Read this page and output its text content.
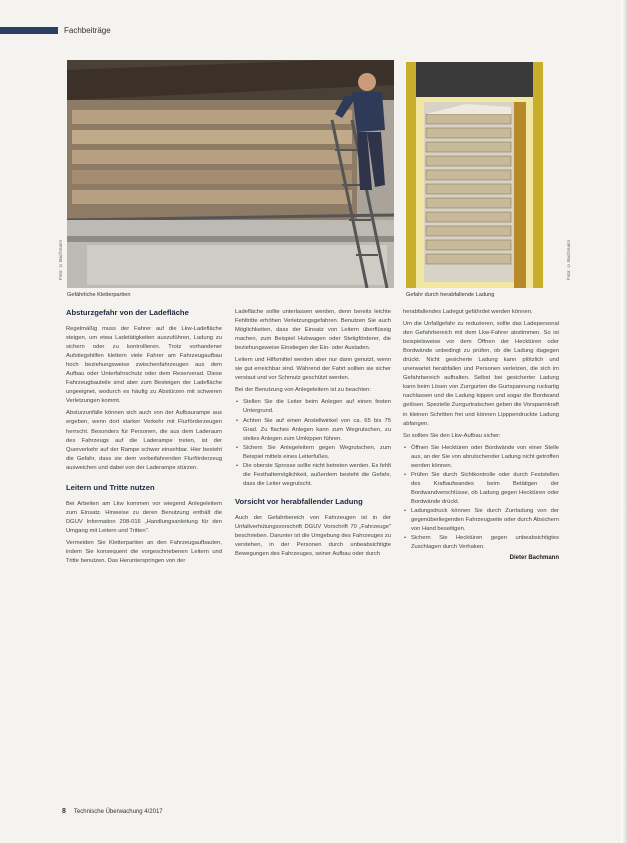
Fachbeiträge
Foto: © Bachmann
Gefährliche Kletterpartien
Foto: © Bachmann
Gefahr durch herabfallende Ladung
Absturzgefahr von der Ladefläche

Regelmäßig muss der Fahrer auf die Lkw-Ladefläche steigen, um etwa Ladetätigkeiten auszuführen, Ladung zu sichern oder zu kontrollieren. Trotz vorhandener Aufstiegshilfen klettern viele Fahrer am Fahrzeugaufbau hoch beziehungsweise zwischenfahrzeugen aus dem Aufbau oder Unterfahrschutz oder dem Reserverad. Diese Fahrzeugbauteile sind aber zum Besteigen der Ladefläche ungeeignet, wodurch es häufig zu Abstürzen mit schweren Verletzungen kommt.

Absturzunfälle können sich auch von der Aufbaurampe aus ergeben, wenn dort starker Verkehr mit Flurförderzeugen herrscht. Besonders für Personen, die aus dem Laderaum des Fahrzeugs auf die Laderampe treten, ist der Querverkehr auf der Rampe schwer einsehbar. Hier besteht die Gefahr, dass sie dem vorbeifahrenden Flurförderzeug ausweichen und dabei von der Laderampe stürzen.

Leitern und Tritte nutzen

Bei Arbeiten am Lkw kommen vor wiegend Anlegeleitern zum Einsatz. Hinweise zu deren Benutzung enthält die DGUV Information 208-016 „Handlungsanleitung für den Umgang mit Leitern und Tritten".

Vermeiden Sie Kletterpartien an den Fahrzeugaufbauten, indem Sie konsequent die vorgeschriebenen Leitern und Tritte benutzen. Das Herunterspringen von der

Ladefläche sollte unterlassen werden, denn bereits leichte Fehltritte erhöhen Verletzungsgefahren. Benutzen Sie auch Möglichkeiten, dass der Einsatz von Leitern überflüssig machen, zum Beispiel Hubwagen oder Stetigförderer, die beziehungsweise Einstiegen der Ein- oder Ausladen.

Leitern und Hilfsmittel werden aber nur dann genutzt, wenn sie gut erreichbar sind. Während der Fahrt sollten sie sicher verstaut und vor Schmutz geschützt werden.

Bei der Benutzung von Anlegeleitern ist zu beachten:

• Stellen Sie die Leiter beim Anlegen auf einen festen Untergrund.
• Achten Sie auf einen Anstellwinkel von ca. 65 bis 75 Grad. Zu flaches Anlegen kann zum Wegrutschen, zu steiles Anlegen zum Umkippen führen.
• Sichern Sie Anlegeleitern gegen Wegrutschen, zum Beispiel mittels eines Leiterfußes.
• Die oberste Sprosse sollte nicht betreten werden. Es fehlt die Festhaltemöglichkeit, außerdem besteht die Gefahr, dass die Leiter wegrutscht.
Vorsicht vor herabfallender Ladung

Auch der Gefahrbereich von Fahrzeugen ist in der Unfallverhütungsvorschrift DGUV Vorschrift 70 „Fahrzeuge" beschrieben. Darunter ist die Umgebung des Fahrzeuges zu verstehen, in der Personen durch unbeabsichtigte Bewegungen des Fahrzeuges, seiner Aufbau oder durch

herabfallendes Ladegut gefährdet werden können.

Um die Unfallgefahr zu reduzieren, sollte das Ladepersonal den Gefahrbereich mit dem Lkw-Fahrer abstimmen. So ist beispielsweise vor dem Öffnen der Hecktüren oder Bordwände unbedingt zu prüfen, ob die Ladung dagegen drückt. Nicht gesicherte Ladung kann plötzlich und unerwartet herabfallen und Personen verletzen, die sich im Gefahrbereich aufhalten. Selbst bei gesicherter Ladung kann beim Lösen von Zurrgurten die Gurtspannung ruckartig nachlassen und die Ladung kippen und sogar die Bordwand gelösen. Spezielle Zurrgurtratschen geben die Vorspannkraft in kleinen Schritten frei und können Lipppendruckte Ladung abfangen.

So sollten Sie den Lkw-Aufbau sicher:

• Öffnen Sie Hecktüren oder Bordwände von einer Stelle aus, an der Sie von abrutschender Ladung nicht getroffen werden können.
• Prüfen Sie durch Sichtkontrolle oder durch Feststellen des Kraftaufwandes beim Betätigen der Bordwandverschlüsse, ob Ladung gegen Hecktüren oder Bordwände drückt.
• Ladungsdruck können Sie durch Zurrladung von der gegenüberliegenden Fahrzeugseite oder durch Absichern von Hand beseitigen.
• Sichern Sie Hecktüren gegen unbeabsichtigtes Zuschlagen durch Verhaken.
Dieter Bachmann
8 Technische Überwachung 4/2017
